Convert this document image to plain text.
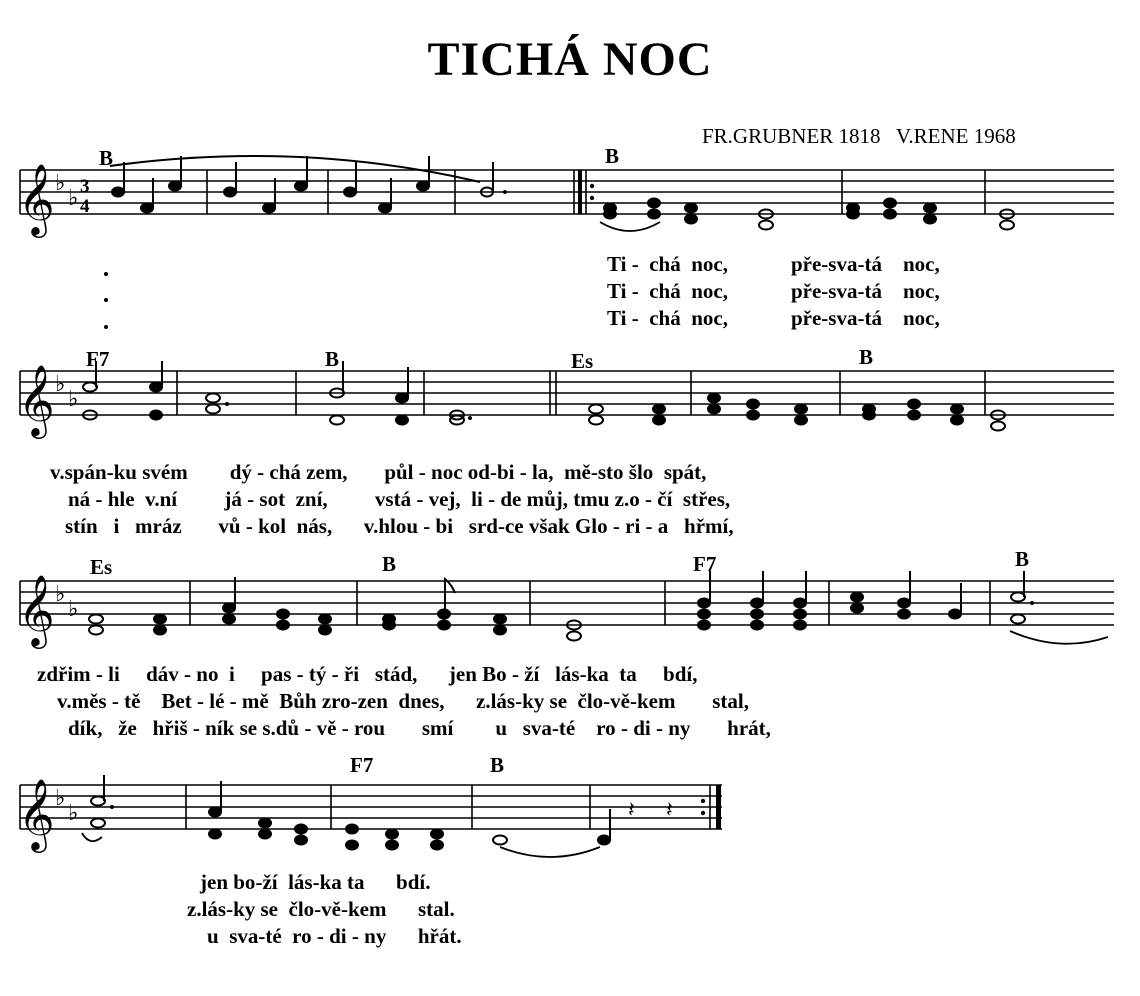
TICHÁ NOC
FR.GRUBNER 1818   V.RENE 1968
B	B
F7	B	Es	B
Es	B	F7	B
F7	B
𝄞 ♭
♭ 3
4
Ti - chá noc,	pře-sva-tá noc,
Ti - chá noc,	pře-sva-tá noc,
Ti - chá noc,	pře-sva-tá noc,
𝄞 ♭
♭
v.spán-ku svém dý - chá zem, půl - noc od-bi - la, mě-sto šlo spát,
ná - hle v.ní já - sot zní, vstá - vej, li - de můj, tmu z.o - čí střes,
stín i mráz vů - kol nás, v.hlou - bi srd-ce však Glo - ri - a hřmí,
𝄞 ♭
♭
zdřim - li dáv - no i pas - tý - ři stád, jen Bo - ží lás-ka ta bdí,
v.měs - tě Bet - lé - mě Bůh zro-zen dnes, z.lás-ky se člo-vě-kem stal,
dík, že hřiš - ník se s.dů - vě - rou smí u sva-té ro - di - ny hrát,
𝄞 ♭
♭	𝄽 𝄽
jen bo-ží lás-ka ta bdí.
z.lás-ky se člo-vě-kem stal.
u sva-té ro - di - ny hřát.
